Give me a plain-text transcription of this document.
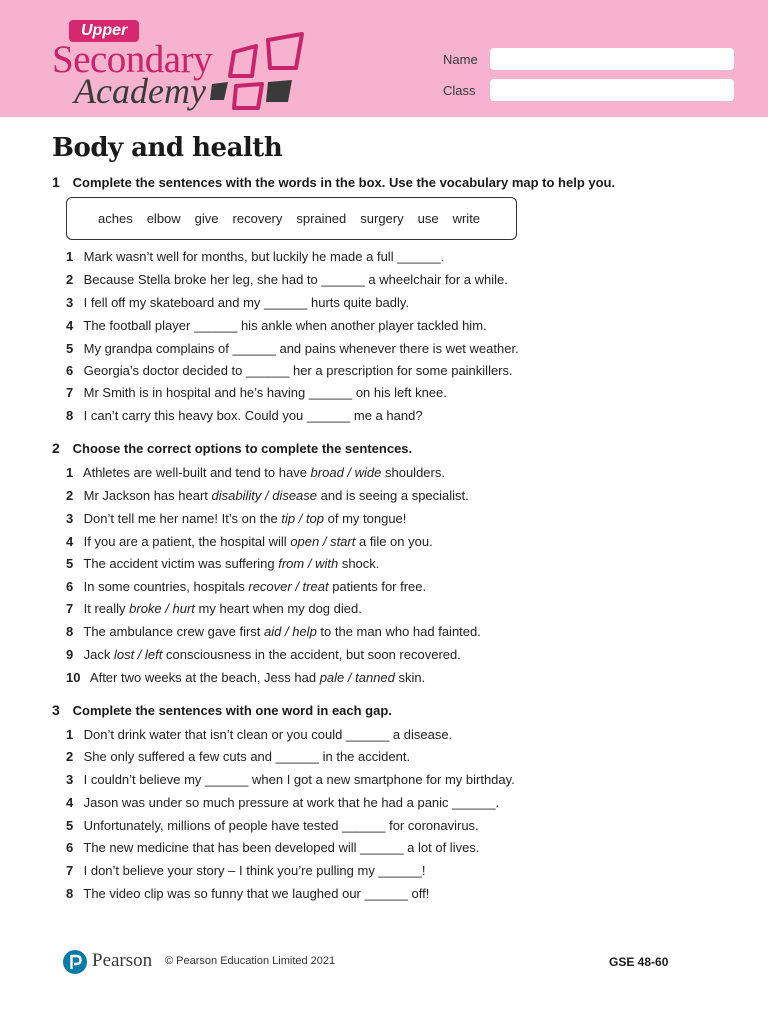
Upper
Secondary
Academy
Name
Class
Body and health
1 Complete the sentences with the words in the box. Use the vocabulary map to help you.
aches elbow give recovery sprained surgery use write
1 Mark wasn’t well for months, but luckily he made a full ______.
2 Because Stella broke her leg, she had to ______ a wheelchair for a while.
3 I fell off my skateboard and my ______ hurts quite badly.
4 The football player ______ his ankle when another player tackled him.
5 My grandpa complains of ______ and pains whenever there is wet weather.
6 Georgia’s doctor decided to ______ her a prescription for some painkillers.
7 Mr Smith is in hospital and he’s having ______ on his left knee.
8 I can’t carry this heavy box. Could you ______ me a hand?
2 Choose the correct options to complete the sentences.
1 Athletes are well-built and tend to have broad / wide shoulders.
2 Mr Jackson has heart disability / disease and is seeing a specialist.
3 Don’t tell me her name! It’s on the tip / top of my tongue!
4 If you are a patient, the hospital will open / start a file on you.
5 The accident victim was suffering from / with shock.
6 In some countries, hospitals recover / treat patients for free.
7 It really broke / hurt my heart when my dog died.
8 The ambulance crew gave first aid / help to the man who had fainted.
9 Jack lost / left consciousness in the accident, but soon recovered.
10 After two weeks at the beach, Jess had pale / tanned skin.
3 Complete the sentences with one word in each gap.
1 Don’t drink water that isn’t clean or you could ______ a disease.
2 She only suffered a few cuts and ______ in the accident.
3 I couldn’t believe my ______ when I got a new smartphone for my birthday.
4 Jason was under so much pressure at work that he had a panic ______.
5 Unfortunately, millions of people have tested ______ for coronavirus.
6 The new medicine that has been developed will ______ a lot of lives.
7 I don’t believe your story – I think you’re pulling my ______!
8 The video clip was so funny that we laughed our ______ off!
Pearson © Pearson Education Limited 2021	GSE 48-60
